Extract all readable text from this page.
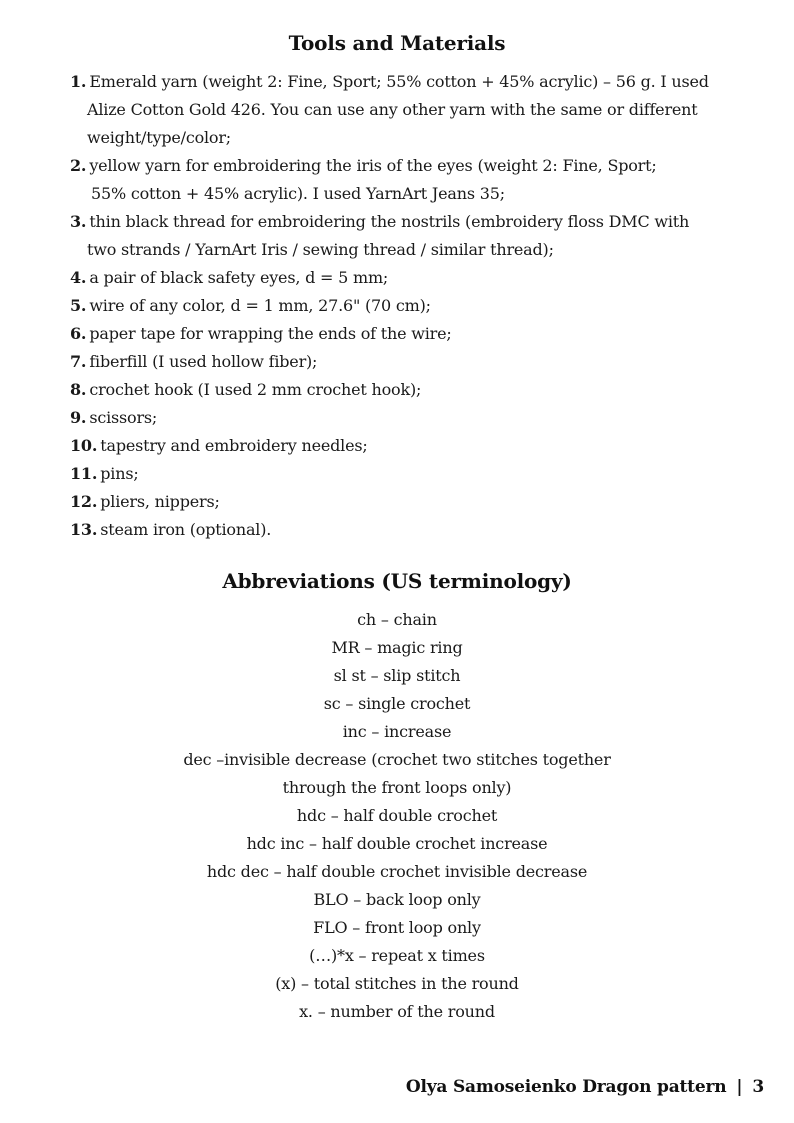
Tools and Materials
1. Emerald yarn (weight 2: Fine, Sport; 55% cotton + 45% acrylic) – 56 g. I used
Alize Cotton Gold 426. You can use any other yarn with the same or different
weight/type/color;
2. yellow yarn for embroidering the iris of the eyes (weight 2: Fine, Sport;
55% cotton + 45% acrylic). I used YarnArt Jeans 35;
3. thin black thread for embroidering the nostrils (embroidery floss DMC with
two strands / YarnArt Iris / sewing thread / similar thread);
4. a pair of black safety eyes, d = 5 mm;
5. wire of any color, d = 1 mm, 27.6" (70 cm);
6. paper tape for wrapping the ends of the wire;
7. fiberfill (I used hollow fiber);
8. crochet hook (I used 2 mm crochet hook);
9. scissors;
10. tapestry and embroidery needles;
11. pins;
12. pliers, nippers;
13. steam iron (optional).
Abbreviations (US terminology)
ch – chain
MR – magic ring
sl st – slip stitch
sc – single crochet
inc – increase
dec –invisible decrease (crochet two stitches together
through the front loops only)
hdc – half double crochet
hdc inc – half double crochet increase
hdc dec – half double crochet invisible decrease
BLO – back loop only
FLO – front loop only
(…)*x – repeat x times
(x) – total stitches in the round
x. – number of the round
Olya Samoseienko Dragon pattern | 3
